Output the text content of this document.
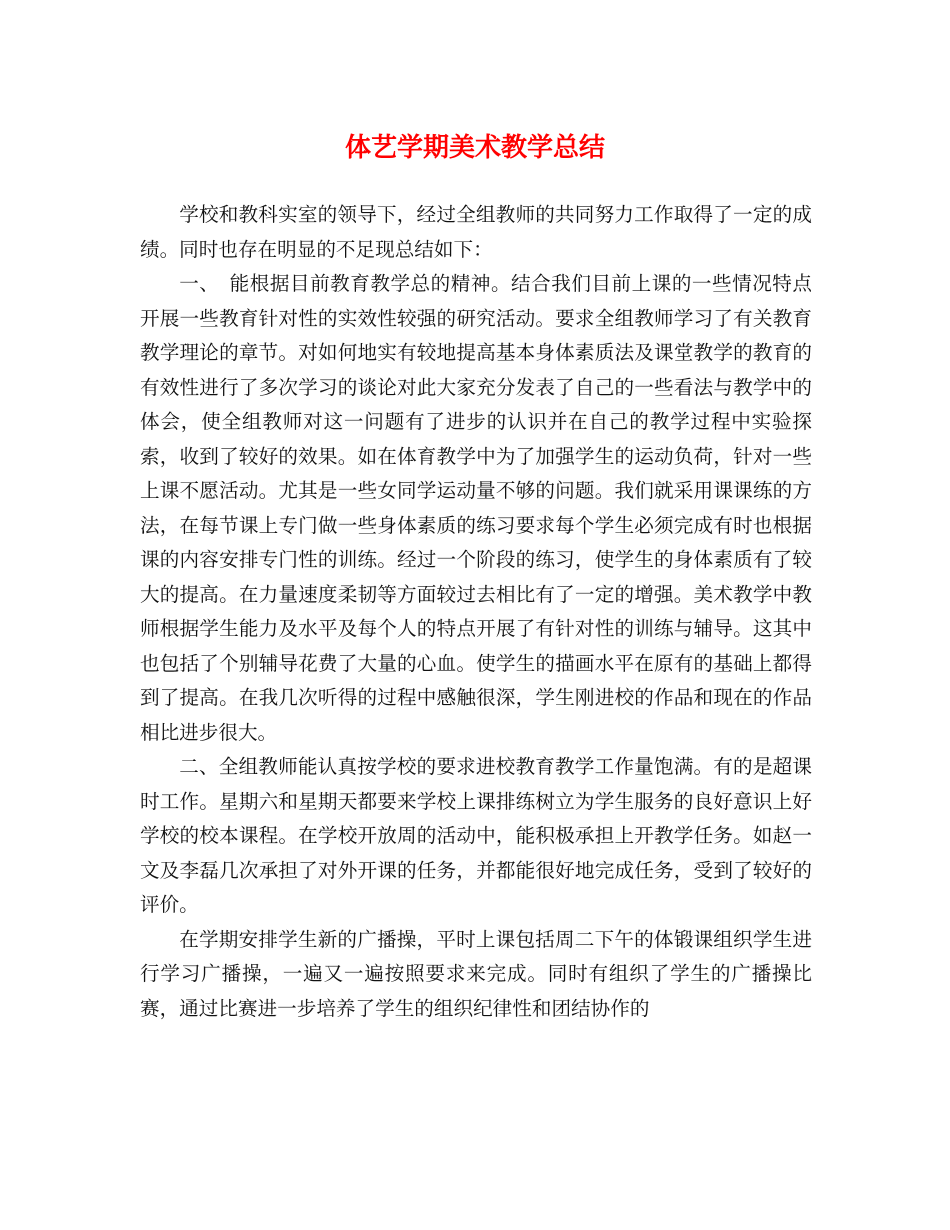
体艺学期美术教学总结

学校和教科实室的领导下，经过全组教师的共同努力工作取得了一定的成绩。同时也存在明显的不足现总结如下：

一、　能根据目前教育教学总的精神。结合我们目前上课的一些情况特点开展一些教育针对性的实效性较强的研究活动。要求全组教师学习了有关教育教学理论的章节。对如何地实有较地提高基本身体素质法及课堂教学的教育的有效性进行了多次学习的谈论对此大家充分发表了自己的一些看法与教学中的体会，使全组教师对这一问题有了进步的认识并在自己的教学过程中实验探索，收到了较好的效果。如在体育教学中为了加强学生的运动负荷，针对一些上课不愿活动。尤其是一些女同学运动量不够的问题。我们就采用课课练的方法，在每节课上专门做一些身体素质的练习要求每个学生必须完成有时也根据课的内容安排专门性的训练。经过一个阶段的练习，使学生的身体素质有了较大的提高。在力量速度柔韧等方面较过去相比有了一定的增强。美术教学中教师根据学生能力及水平及每个人的特点开展了有针对性的训练与辅导。这其中也包括了个别辅导花费了大量的心血。使学生的描画水平在原有的基础上都得到了提高。在我几次听得的过程中感触很深，学生刚进校的作品和现在的作品相比进步很大。

二、全组教师能认真按学校的要求进校教育教学工作量饱满。有的是超课时工作。星期六和星期天都要来学校上课排练树立为学生服务的良好意识上好学校的校本课程。在学校开放周的活动中，能积极承担上开教学任务。如赵一文及李磊几次承担了对外开课的任务，并都能很好地完成任务，受到了较好的评价。

在学期安排学生新的广播操，平时上课包括周二下午的体锻课组织学生进行学习广播操，一遍又一遍按照要求来完成。同时有组织了学生的广播操比赛，通过比赛进一步培养了学生的组织纪律性和团结协作的
